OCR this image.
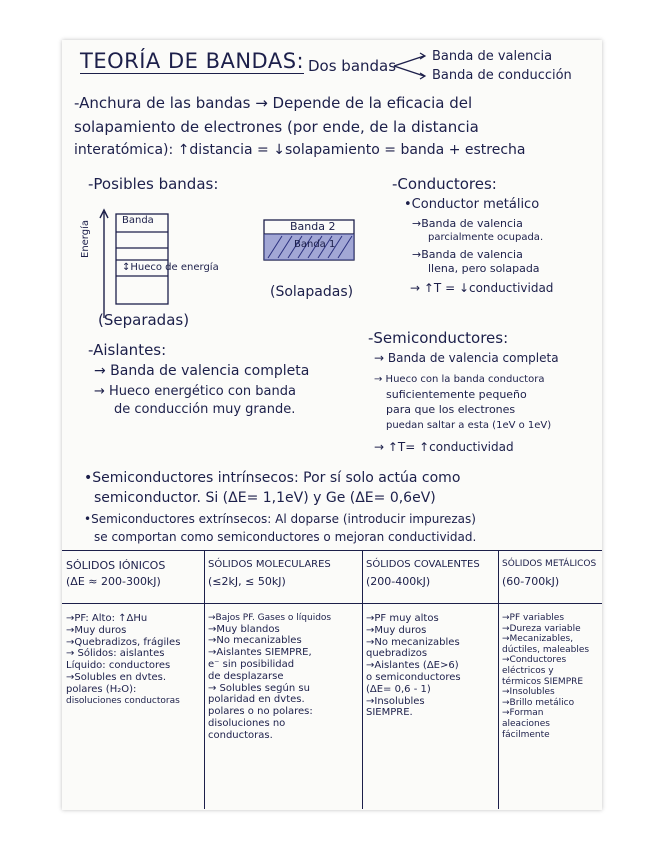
TEORÍA DE BANDAS: Dos bandas
Banda de valencia
Banda de conducción
-Anchura de las bandas → Depende de la eficacia del
solapamiento de electrones (por ende, de la distancia
interatómica): ↑distancia = ↓solapamiento = banda + estrecha
-Posibles bandas:
Energía	Banda
↕Hueco de energía
Banda 2
Banda 1
(Solapadas)
(Separadas)
-Conductores:
•Conductor metálico
→Banda de valencia
parcialmente ocupada.
→Banda de valencia
llena, pero solapada
→ ↑T = ↓conductividad
-Aislantes:
→ Banda de valencia completa
→ Hueco energético con banda
de conducción muy grande.
-Semiconductores:
→ Banda de valencia completa
→ Hueco con la banda conductora
suficientemente pequeño
para que los electrones
puedan saltar a esta (1eV o 1eV)
→ ↑T= ↑conductividad
•Semiconductores intrínsecos: Por sí solo actúa como
semiconductor. Si (ΔE= 1,1eV) y Ge (ΔE= 0,6eV)
•Semiconductores extrínsecos: Al doparse (introducir impurezas)
se comportan como semiconductores o mejoran conductividad.
SÓLIDOS IÓNICOS
(ΔE ≈ 200-300kJ)
→PF: Alto: ↑ΔHu
→Muy duros
→Quebradizos, frágiles
→ Sólidos: aislantes
Líquido: conductores
→Solubles en dvtes.
polares (H₂O):
disoluciones conductoras
SÓLIDOS MOLECULARES
(≤2kJ, ≤ 50kJ)
→Bajos PF. Gases o líquidos
→Muy blandos
→No mecanizables
→Aislantes SIEMPRE,
e⁻ sin posibilidad
de desplazarse
→ Solubles según su
polaridad en dvtes.
polares o no polares:
disoluciones no
conductoras.
SÓLIDOS COVALENTES
(200-400kJ)
→PF muy altos
→Muy duros
→No mecanizables
quebradizos
→Aislantes (ΔE>6)
o semiconductores
(ΔE= 0,6 - 1)
→Insolubles
SIEMPRE.
SÓLIDOS METÁLICOS
(60-700kJ)
→PF variables
→Dureza variable
→Mecanizables,
dúctiles, maleables
→Conductores
eléctricos y
térmicos SIEMPRE
→Insolubles
→Brillo metálico
→Forman
aleaciones
fácilmente
